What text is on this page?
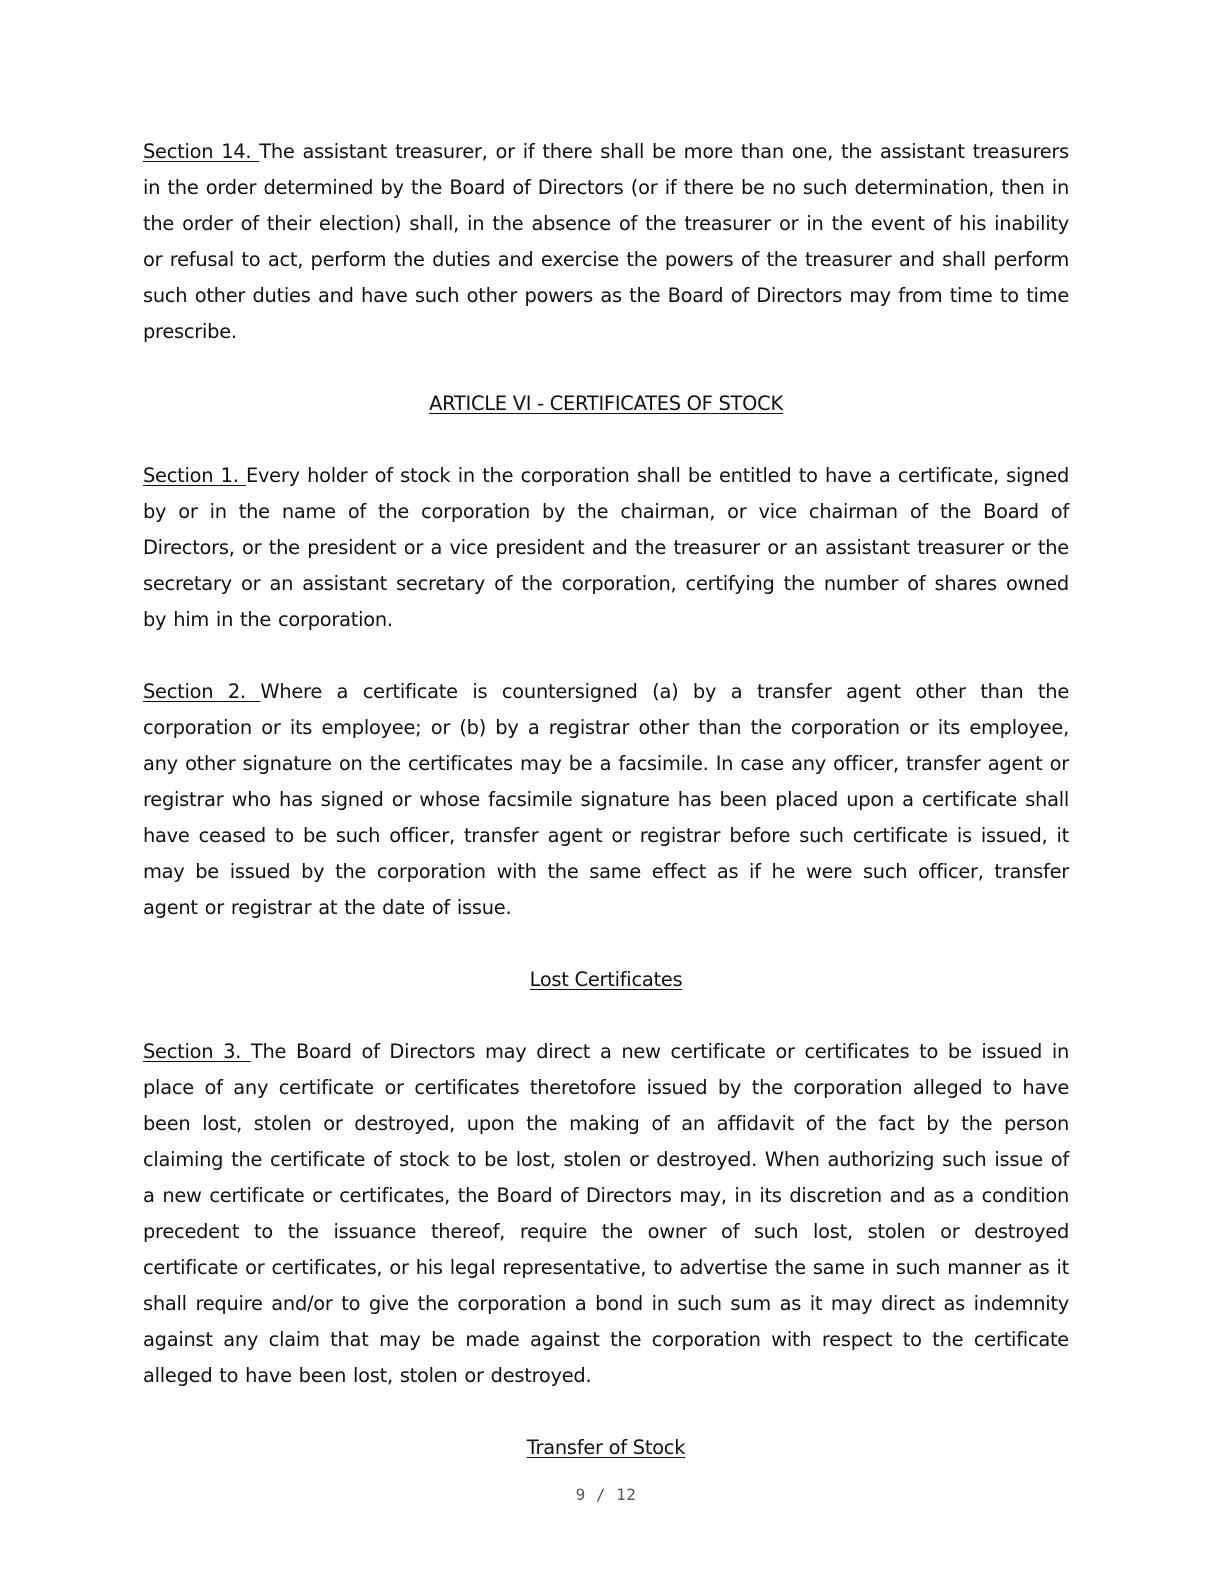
Section 14. The assistant treasurer, or if there shall be more than one, the assistant treasurers in the order determined by the Board of Directors (or if there be no such determination, then in the order of their election) shall, in the absence of the treasurer or in the event of his inability or refusal to act, perform the duties and exercise the powers of the treasurer and shall perform such other duties and have such other powers as the Board of Directors may from time to time prescribe.

ARTICLE VI - CERTIFICATES OF STOCK

Section 1. Every holder of stock in the corporation shall be entitled to have a certificate, signed by or in the name of the corporation by the chairman, or vice chairman of the Board of Directors, or the president or a vice president and the treasurer or an assistant treasurer or the secretary or an assistant secretary of the corporation, certifying the number of shares owned by him in the corporation.

Section 2. Where a certificate is countersigned (a) by a transfer agent other than the corporation or its employee; or (b) by a registrar other than the corporation or its employee, any other signature on the certificates may be a facsimile. In case any officer, transfer agent or registrar who has signed or whose facsimile signature has been placed upon a certificate shall have ceased to be such officer, transfer agent or registrar before such certificate is issued, it may be issued by the corporation with the same effect as if he were such officer, transfer agent or registrar at the date of issue.

Lost Certificates

Section 3. The Board of Directors may direct a new certificate or certificates to be issued in place of any certificate or certificates theretofore issued by the corporation alleged to have been lost, stolen or destroyed, upon the making of an affidavit of the fact by the person claiming the certificate of stock to be lost, stolen or destroyed. When authorizing such issue of a new certificate or certificates, the Board of Directors may, in its discretion and as a condition precedent to the issuance thereof, require the owner of such lost, stolen or destroyed certificate or certificates, or his legal representative, to advertise the same in such manner as it shall require and/or to give the corporation a bond in such sum as it may direct as indemnity against any claim that may be made against the corporation with respect to the certificate alleged to have been lost, stolen or destroyed.

Transfer of Stock
9 / 12
